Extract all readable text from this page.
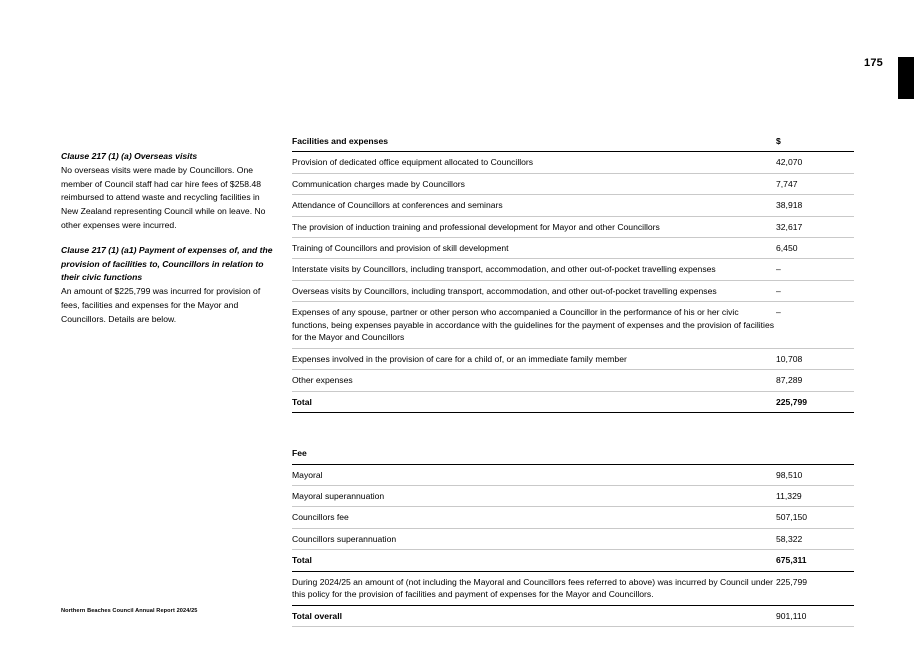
175

Clause 217 (1) (a) Overseas visits
No overseas visits were made by Councillors. One member of Council staff had car hire fees of $258.48 reimbursed to attend waste and recycling facilities in New Zealand representing Council while on leave. No other expenses were incurred.

Clause 217 (1) (a1) Payment of expenses of, and the provision of facilities to, Councillors in relation to their civic functions
An amount of $225,799 was incurred for provision of fees, facilities and expenses for the Mayor and Councillors. Details are below.

Facilities and expenses	$
Provision of dedicated office equipment allocated to Councillors	42,070
Communication charges made by Councillors	7,747
Attendance of Councillors at conferences and seminars	38,918
The provision of induction training and professional development for Mayor and other Councillors	32,617
Training of Councillors and provision of skill development	6,450
Interstate visits by Councillors, including transport, accommodation, and other out-of-pocket travelling expenses	–
Overseas visits by Councillors, including transport, accommodation, and other out-of-pocket travelling expenses	–
Expenses of any spouse, partner or other person who accompanied a Councillor in the performance of his or her civic functions, being expenses payable in accordance with the guidelines for the payment of expenses and the provision of facilities for the Mayor and Councillors	–
Expenses involved in the provision of care for a child of, or an immediate family member	10,708
Other expenses	87,289
Total	225,799
Fee	
Mayoral	98,510
Mayoral superannuation	11,329
Councillors fee	507,150
Councillors superannuation	58,322
Total	675,311
During 2024/25 an amount of (not including the Mayoral and Councillors fees referred to above) was incurred by Council under this policy for the provision of facilities and payment of expenses for the Mayor and Councillors.	225,799
Total overall	901,110
Northern Beaches Council Annual Report 2024/25
